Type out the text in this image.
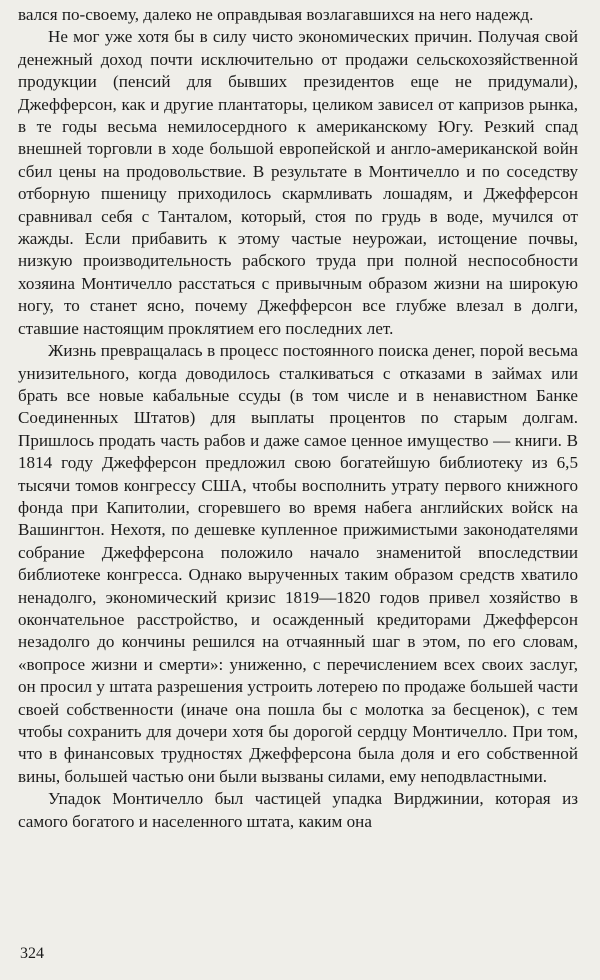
вался по-своему, далеко не оправдывая возлагавшихся на него надежд.

Не мог уже хотя бы в силу чисто экономических причин. Получая свой денежный доход почти исключительно от продажи сельскохозяйственной продукции (пенсий для бывших президентов еще не придумали), Джефферсон, как и другие плантаторы, целиком зависел от капризов рынка, в те годы весьма немилосердного к американскому Югу. Резкий спад внешней торговли в ходе большой европейской и англо-американской войн сбил цены на продовольствие. В результате в Монтичелло и по соседству отборную пшеницу приходилось скармливать лошадям, и Джефферсон сравнивал себя с Танталом, который, стоя по грудь в воде, мучился от жажды. Если прибавить к этому частые неурожаи, истощение почвы, низкую производительность рабского труда при полной неспособности хозяина Монтичелло расстаться с привычным образом жизни на широкую ногу, то станет ясно, почему Джефферсон все глубже влезал в долги, ставшие настоящим проклятием его последних лет.

Жизнь превращалась в процесс постоянного поиска денег, порой весьма унизительного, когда доводилось сталкиваться с отказами в займах или брать все новые кабальные ссуды (в том числе и в ненавистном Банке Соединенных Штатов) для выплаты процентов по старым долгам. Пришлось продать часть рабов и даже самое ценное имущество — книги. В 1814 году Джефферсон предложил свою богатейшую библиотеку из 6,5 тысячи томов конгрессу США, чтобы восполнить утрату первого книжного фонда при Капитолии, сгоревшего во время набега английских войск на Вашингтон. Нехотя, по дешевке купленное прижимистыми законодателями собрание Джефферсона положило начало знаменитой впоследствии библиотеке конгресса. Однако вырученных таким образом средств хватило ненадолго, экономический кризис 1819—1820 годов привел хозяйство в окончательное расстройство, и осажденный кредиторами Джефферсон незадолго до кончины решился на отчаянный шаг в этом, по его словам, «вопросе жизни и смерти»: униженно, с перечислением всех своих заслуг, он просил у штата разрешения устроить лотерею по продаже большей части своей собственности (иначе она пошла бы с молотка за бесценок), с тем чтобы сохранить для дочери хотя бы дорогой сердцу Монтичелло. При том, что в финансовых трудностях Джефферсона была доля и его собственной вины, большей частью они были вызваны силами, ему неподвластными.

Упадок Монтичелло был частицей упадка Вирджинии, которая из самого богатого и населенного штата, каким она

324
